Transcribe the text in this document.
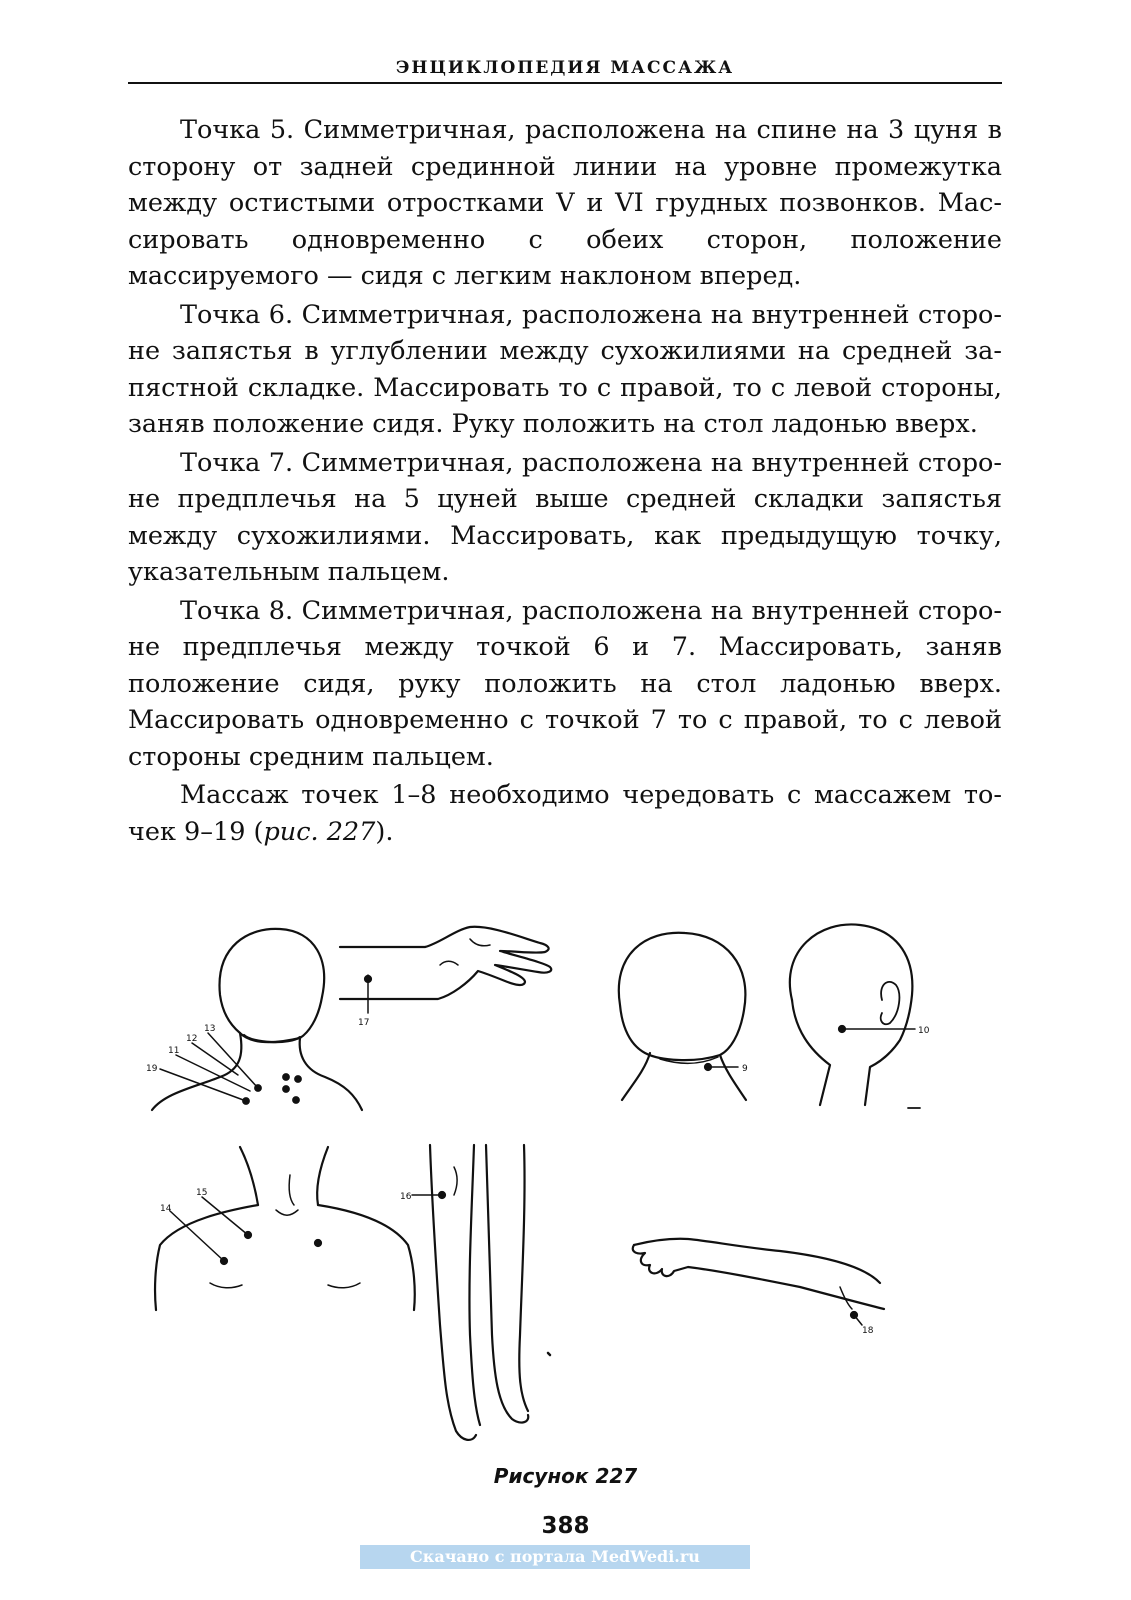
ЭНЦИКЛОПЕДИЯ МАССАЖА

Точка 5. Симметричная, расположена на спине на 3 цуня в сторону от задней срединной линии на уровне промежутка между остистыми отростками V и VI грудных позвонков. Массировать одновременно с обеих сторон, положение массируемого — сидя с легким наклоном вперед.

Точка 6. Симметричная, расположена на внутренней стороне запястья в углублении между сухожилиями на средней запястной складке. Массировать то с правой, то с левой стороны, заняв положение сидя. Руку положить на стол ладонью вверх.

Точка 7. Симметричная, расположена на внутренней стороне предплечья на 5 цуней выше средней складки запястья между сухожилиями. Массировать, как предыдущую точку, указательным пальцем.

Точка 8. Симметричная, расположена на внутренней стороне предплечья между точкой 6 и 7. Массировать, заняв положение сидя, руку положить на стол ладонью вверх. Массировать одновременно с точкой 7 то с правой, то с левой стороны средним пальцем.

Массаж точек 1–8 необходимо чередовать с массажем точек 9–19 (рис. 227).

13
12
11
19
17
9
10
15
14
16
18
Рисунок 227
388
Скачано с портала MedWedi.ru
